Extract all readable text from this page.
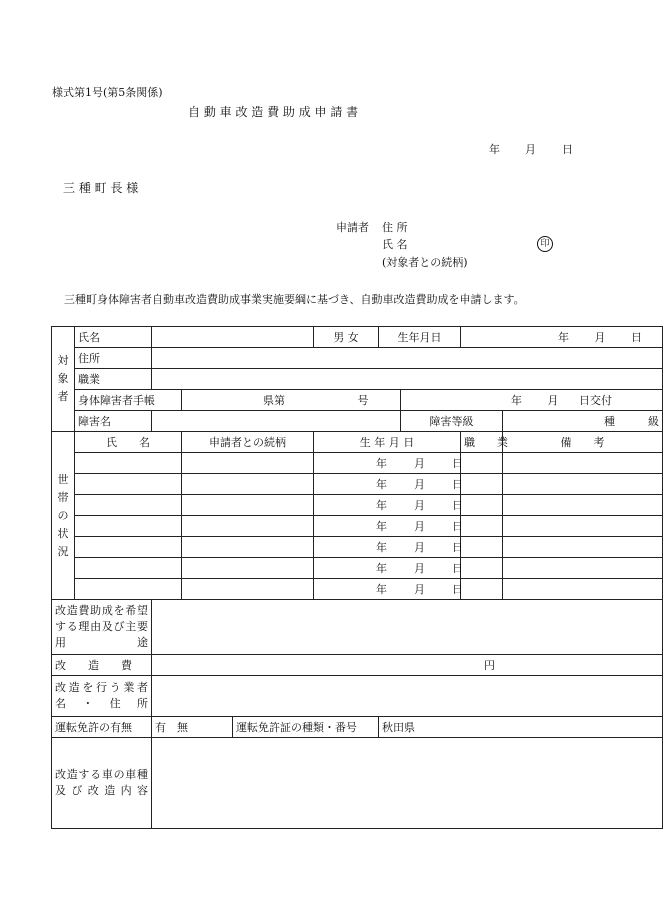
様式第1号(第5条関係)
自 動 車 改 造 費 助 成 申 請 書
年 月 日
三 種 町 長 様
申請者 住 所
氏 名	印
(対象者との続柄)
三種町身体障害者自動車改造費助成事業実施要綱に基づき、自動車改造費助成を申請します。
対
象
者	氏名				男 女	生年月日		年 月 日	
	住所								
	職業								
	身体障害者手帳		県第 号				年 月 日交付		
	障害名						障害等級		種　　　級
世
帯
の
状
況	氏　　名		申請者との続柄		生 年 月 日			職　　業	備　　考
					年 月 日				
					年 月 日				
					年 月 日				
					年 月 日				
					年 月 日				
					年 月 日				
					年 月 日				
改造費助成を希望する理由及び主要用途									
改　　造　　費		円							
改造を行う業者名・住所									
運転免許の有無		有　無		運転免許証の種類・番号		秋田県			
改造する車の車種及び改造内容									
